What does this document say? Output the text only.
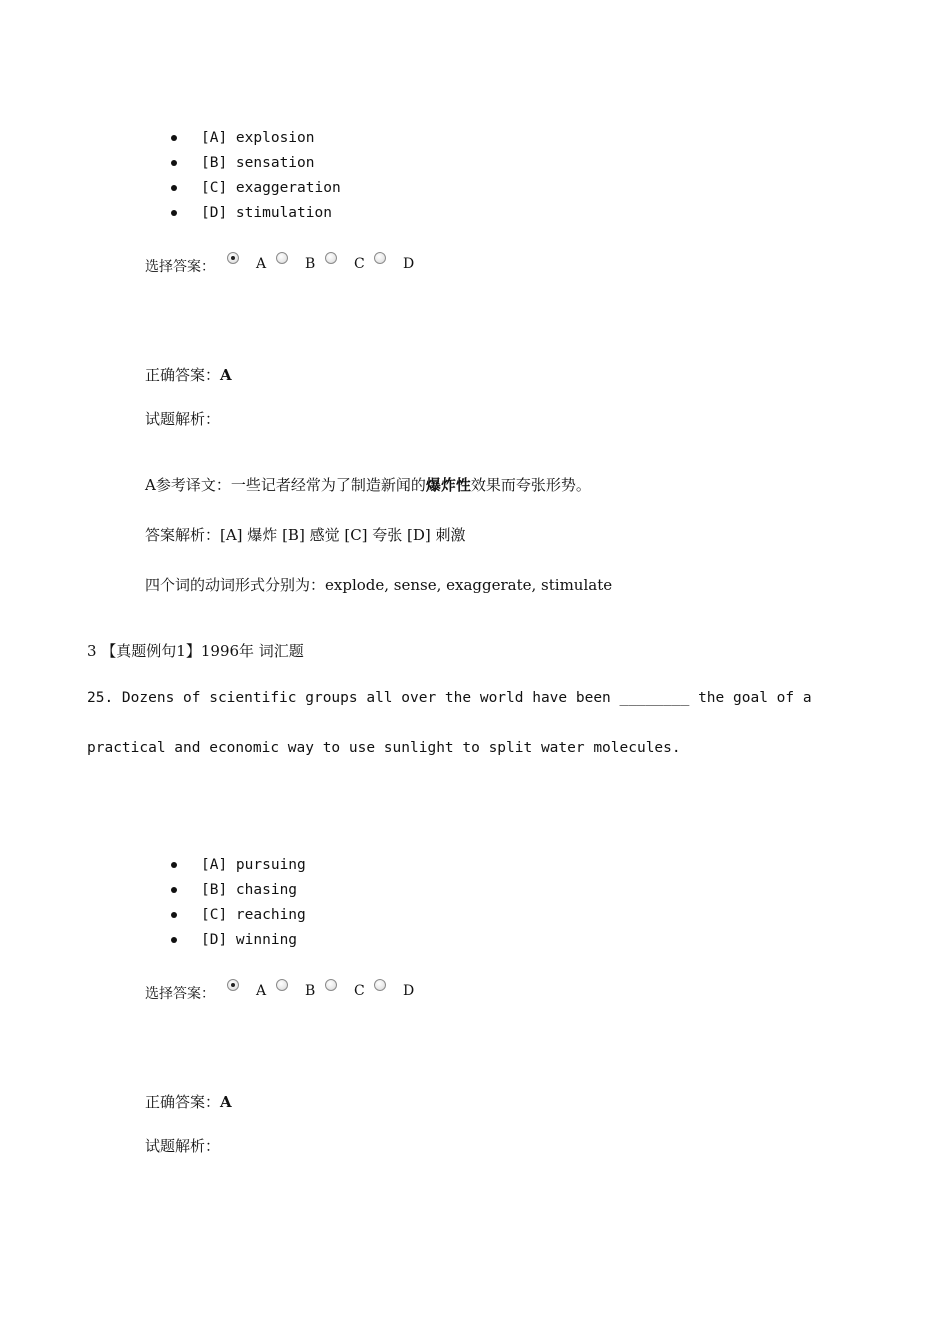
[A] explosion
[B] sensation
[C] exaggeration
[D] stimulation
选择答案：	A	B	C	D
正确答案：A
试题解析：
A参考译文：一些记者经常为了制造新闻的爆炸性效果而夸张形势。
答案解析：[A] 爆炸 [B] 感觉 [C] 夸张 [D] 刺激
四个词的动词形式分别为：explode, sense, exaggerate, stimulate
3 【真题例句1】1996年 词汇题
25. Dozens of scientific groups all over the world have been ________ the goal of a
practical and economic way to use sunlight to split water molecules.
[A] pursuing
[B] chasing
[C] reaching
[D] winning
选择答案：	A	B	C	D
正确答案：A
试题解析：
